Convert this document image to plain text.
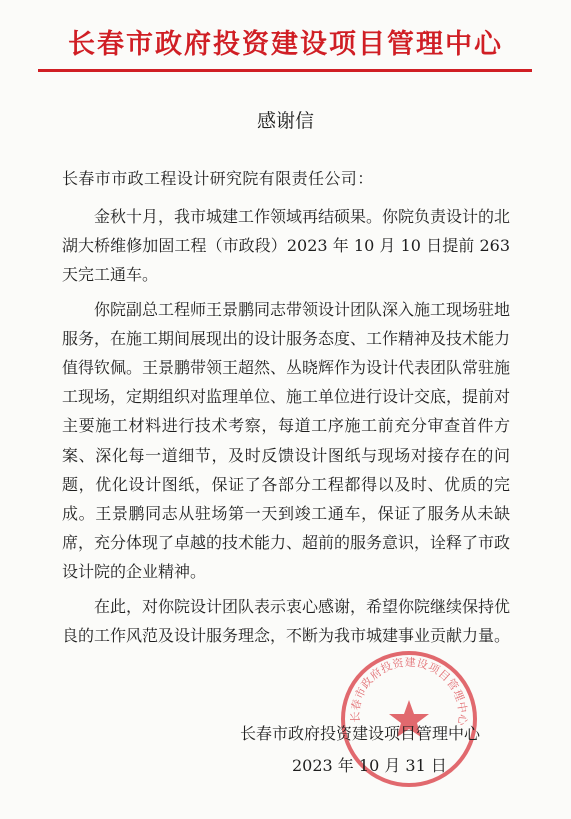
长春市政府投资建设项目管理中心
感谢信
长春市市政工程设计研究院有限责任公司：

金秋十月，我市城建工作领域再结硕果。你院负责设计的北湖大桥维修加固工程（市政段）2023 年 10 月 10 日提前 263 天完工通车。

你院副总工程师王景鹏同志带领设计团队深入施工现场驻地服务，在施工期间展现出的设计服务态度、工作精神及技术能力值得钦佩。王景鹏带领王超然、丛晓辉作为设计代表团队常驻施工现场，定期组织对监理单位、施工单位进行设计交底，提前对主要施工材料进行技术考察，每道工序施工前充分审查首件方案、深化每一道细节，及时反馈设计图纸与现场对接存在的问题，优化设计图纸，保证了各部分工程都得以及时、优质的完成。王景鹏同志从驻场第一天到竣工通车，保证了服务从未缺席，充分体现了卓越的技术能力、超前的服务意识，诠释了市政设计院的企业精神。

在此，对你院设计团队表示衷心感谢，希望你院继续保持优良的工作风范及设计服务理念，不断为我市城建事业贡献力量。

长春市政府投资建设项目管理中心
长春市政府投资建设项目管理中心
2023 年 10 月 31 日
